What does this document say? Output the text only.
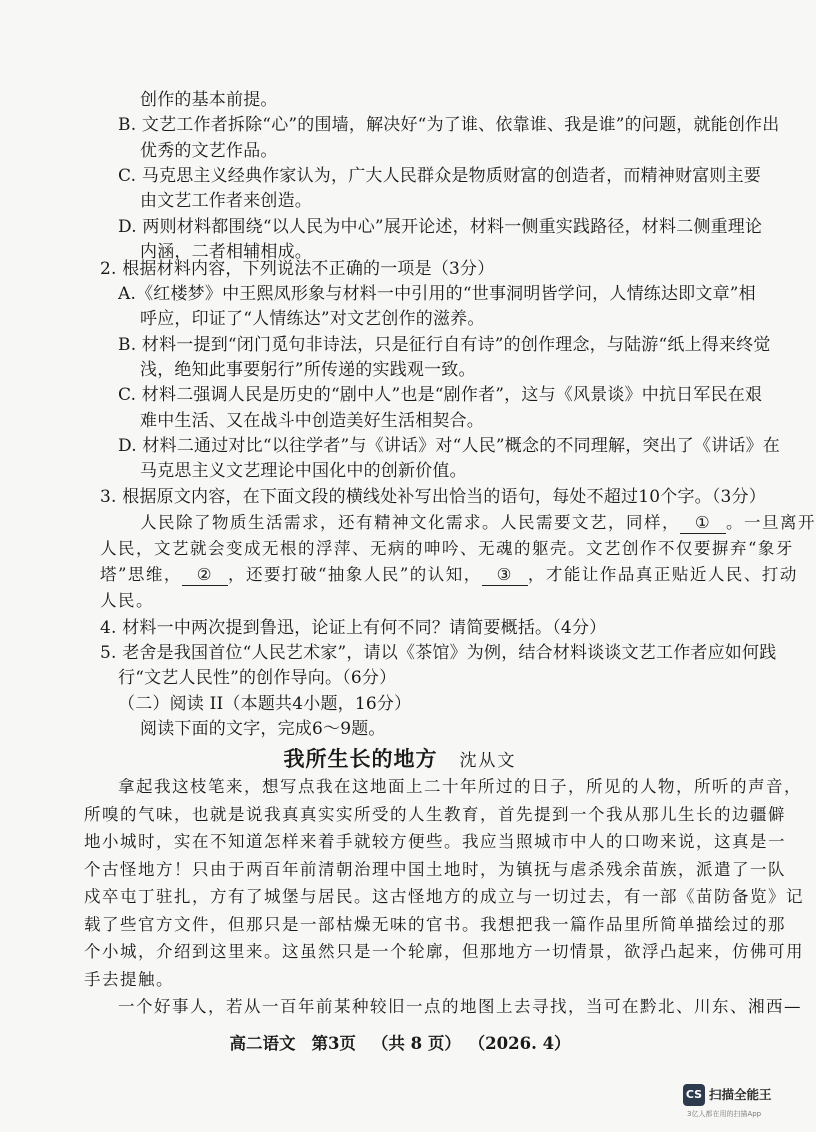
创作的基本前提。
B. 文艺工作者拆除“心”的围墙，解决好“为了谁、依靠谁、我是谁”的问题，就能创作出
优秀的文艺作品。
C. 马克思主义经典作家认为，广大人民群众是物质财富的创造者，而精神财富则主要
由文艺工作者来创造。
D. 两则材料都围绕“以人民为中心”展开论述，材料一侧重实践路径，材料二侧重理论
内涵，二者相辅相成。
2. 根据材料内容，下列说法不正确的一项是（3分）
A.《红楼梦》中王熙凤形象与材料一中引用的“世事洞明皆学问，人情练达即文章”相
呼应，印证了“人情练达”对文艺创作的滋养。
B. 材料一提到“闭门觅句非诗法，只是征行自有诗”的创作理念，与陆游“纸上得来终觉
浅，绝知此事要躬行”所传递的实践观一致。
C. 材料二强调人民是历史的“剧中人”也是“剧作者”，这与《风景谈》中抗日军民在艰
难中生活、又在战斗中创造美好生活相契合。
D. 材料二通过对比“以往学者”与《讲话》对“人民”概念的不同理解，突出了《讲话》在
马克思主义文艺理论中国化中的创新价值。
3. 根据原文内容，在下面文段的横线处补写出恰当的语句，每处不超过10个字。（3分）
人民除了物质生活需求，还有精神文化需求。人民需要文艺，同样， ① 。一旦离开
人民，文艺就会变成无根的浮萍、无病的呻吟、无魂的躯壳。文艺创作不仅要摒弃“象牙
塔”思维， ② ，还要打破“抽象人民”的认知， ③ ，才能让作品真正贴近人民、打动
人民。
4. 材料一中两次提到鲁迅，论证上有何不同？请简要概括。（4分）
5. 老舍是我国首位“人民艺术家”，请以《茶馆》为例，结合材料谈谈文艺工作者应如何践
行“文艺人民性”的创作导向。（6分）
（二）阅读 II（本题共4小题，16分）
阅读下面的文字，完成6～9题。
我所生长的地方 沈从文
拿起我这枝笔来，想写点我在这地面上二十年所过的日子，所见的人物，所听的声音，
所嗅的气味，也就是说我真真实实所受的人生教育，首先提到一个我从那儿生长的边疆僻
地小城时，实在不知道怎样来着手就较方便些。我应当照城市中人的口吻来说，这真是一
个古怪地方！只由于两百年前清朝治理中国土地时，为镇抚与虐杀残余苗族，派遣了一队
戍卒屯丁驻扎，方有了城堡与居民。这古怪地方的成立与一切过去，有一部《苗防备览》记
高二语文 第3页 （共 8 页） （2026. 4）
CS 扫描全能王
3亿人都在用的扫描App
载了些官方文件，但那只是一部枯燥无味的官书。我想把我一篇作品里所简单描绘过的那
个小城，介绍到这里来。这虽然只是一个轮廓，但那地方一切情景，欲浮凸起来，仿佛可用
手去提触。
一个好事人，若从一百年前某种较旧一点的地图上去寻找，当可在黔北、川东、湘西—
